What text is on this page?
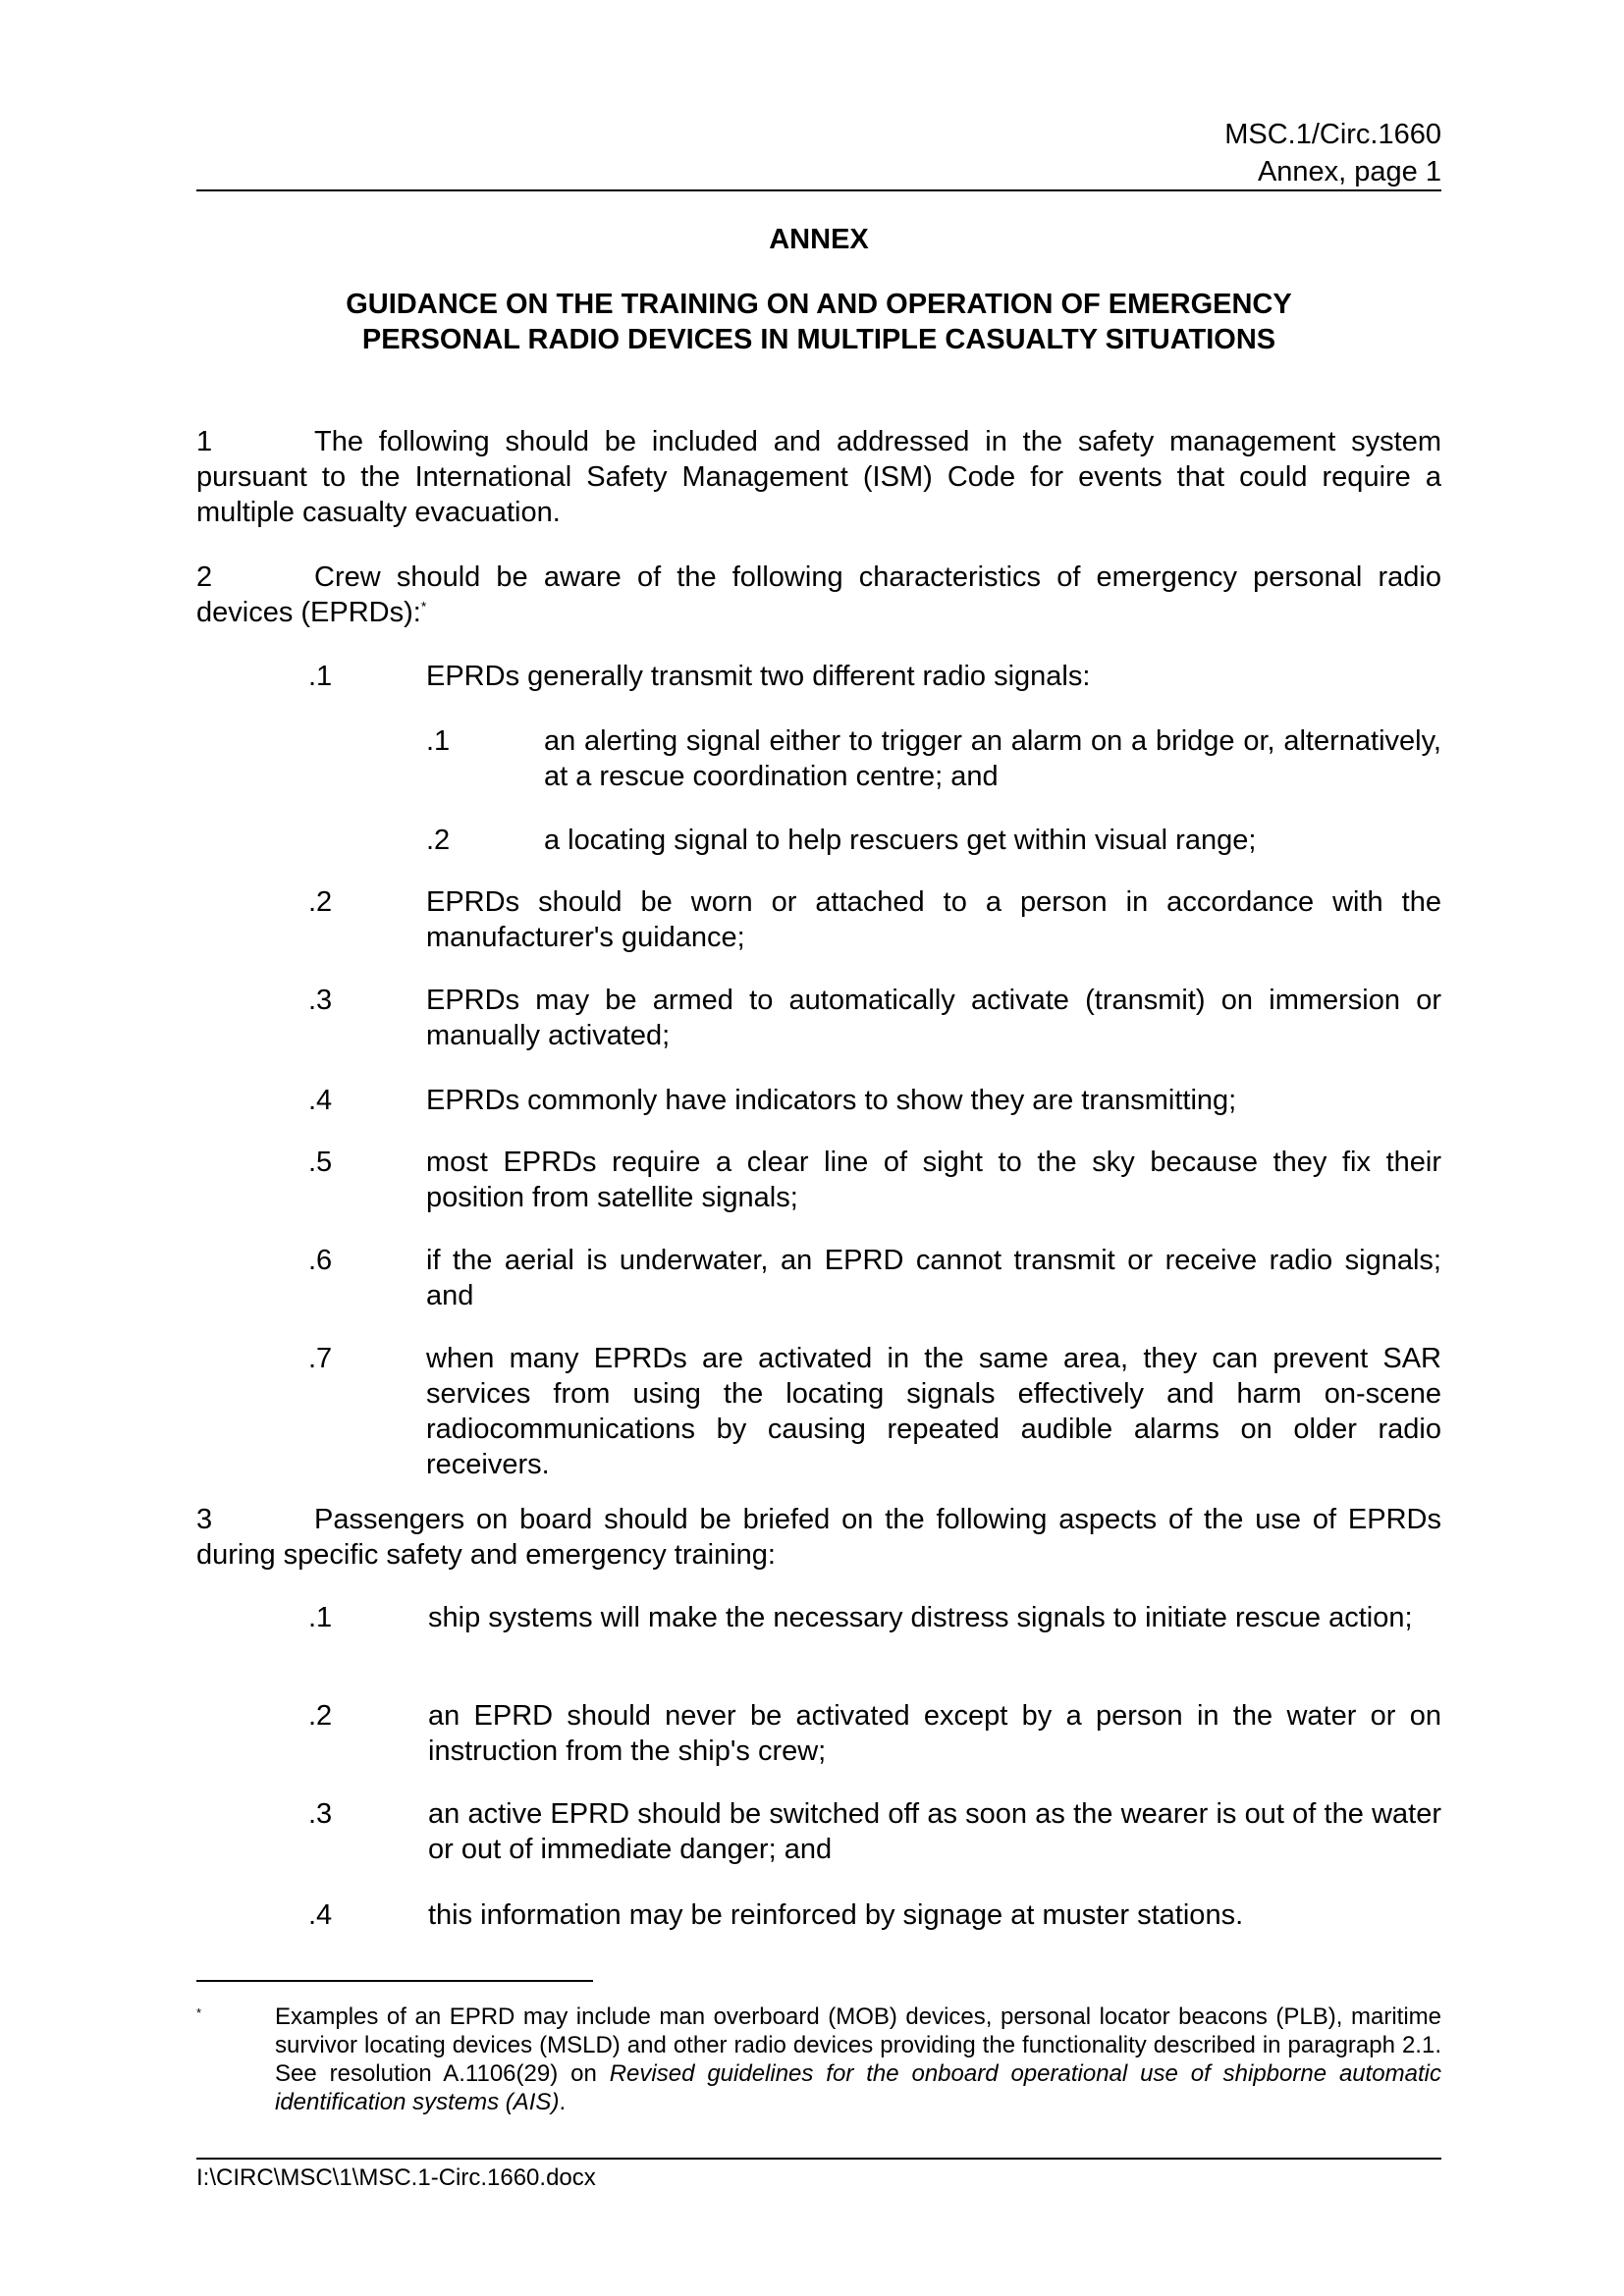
MSC.1/Circ.1660
Annex, page 1
ANNEX
GUIDANCE ON THE TRAINING ON AND OPERATION OF EMERGENCY
PERSONAL RADIO DEVICES IN MULTIPLE CASUALTY SITUATIONS
1	The following should be included and addressed in the safety management system pursuant to the International Safety Management (ISM) Code for events that could require a multiple casualty evacuation.
2	Crew should be aware of the following characteristics of emergency personal radio devices (EPRDs):*
.1	EPRDs generally transmit two different radio signals:
.1	an alerting signal either to trigger an alarm on a bridge or, alternatively, at a rescue coordination centre; and
.2	a locating signal to help rescuers get within visual range;
.2	EPRDs should be worn or attached to a person in accordance with the manufacturer's guidance;
.3	EPRDs may be armed to automatically activate (transmit) on immersion or manually activated;
.4	EPRDs commonly have indicators to show they are transmitting;
.5	most EPRDs require a clear line of sight to the sky because they fix their position from satellite signals;
.6	if the aerial is underwater, an EPRD cannot transmit or receive radio signals; and
.7	when many EPRDs are activated in the same area, they can prevent SAR services from using the locating signals effectively and harm on-scene radiocommunications by causing repeated audible alarms on older radio receivers.
3	Passengers on board should be briefed on the following aspects of the use of EPRDs during specific safety and emergency training:
.1	ship systems will make the necessary distress signals to initiate rescue action;
.2	an EPRD should never be activated except by a person in the water or on instruction from the ship's crew;
.3	an active EPRD should be switched off as soon as the wearer is out of the water or out of immediate danger; and
.4	this information may be reinforced by signage at muster stations.
*	Examples of an EPRD may include man overboard (MOB) devices, personal locator beacons (PLB), maritime survivor locating devices (MSLD) and other radio devices providing the functionality described in paragraph 2.1. See resolution A.1106(29) on Revised guidelines for the onboard operational use of shipborne automatic identification systems (AIS).
I:\CIRC\MSC\1\MSC.1-Circ.1660.docx
